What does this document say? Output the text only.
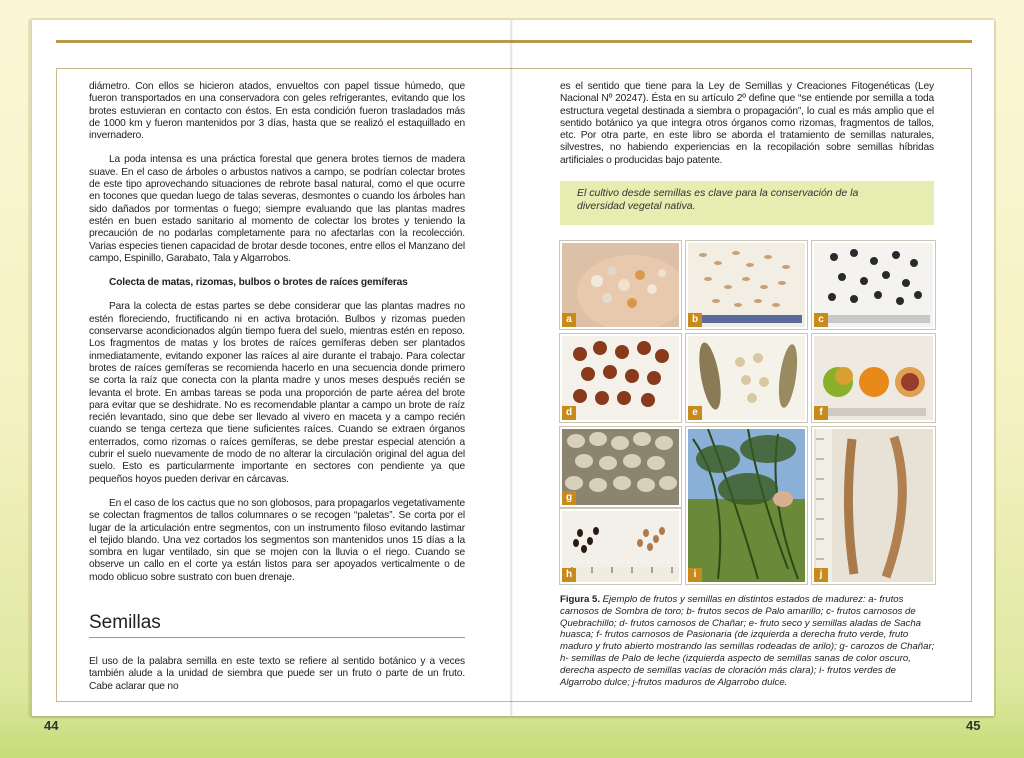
diámetro. Con ellos se hicieron atados, envueltos con papel tissue húmedo, que fueron transportados en una conservadora con geles refrigerantes, evitando que los brotes estuvieran en contacto con éstos. En esta condición fueron trasladados más de 1000 km y fueron mantenidos por 3 días, hasta que se realizó el estaquillado en invernadero.

La poda intensa es una práctica forestal que genera brotes tiernos de madera suave. En el caso de árboles o arbustos nativos a campo, se podrían colectar brotes de este tipo aprovechando situaciones de rebrote basal natural, como el que ocurre en tocones que quedan luego de talas severas, desmontes o cuando los árboles han sido dañados por tormentas o fuego; siempre evaluando que las plantas madres estén en buen estado sanitario al momento de colectar los brotes y teniendo la precaución de no podarlas completamente para no afectarlas con la recolección. Varias especies tienen capacidad de brotar desde tocones, entre ellos el Manzano del campo, Espinillo, Garabato, Tala y Algarrobos.

Colecta de matas, rizomas, bulbos o brotes de raíces gemíferas

Para la colecta de estas partes se debe considerar que las plantas madres no estén floreciendo, fructificando ni en activa brotación. Bulbos y rizomas pueden conservarse acondicionados algún tiempo fuera del suelo, mientras estén en reposo. Los fragmentos de matas y los brotes de raíces gemíferas deben ser plantados inmediatamente, evitando exponer las raíces al aire durante el trabajo. Para colectar brotes de raíces gemíferas se recomienda hacerlo en una secuencia donde primero se corta la raíz que conecta con la planta madre y unos meses después recién se levanta el brote. En ambas tareas se poda una proporción de parte aérea del brote para evitar que se deshidrate. No es recomendable plantar a campo un brote de raíz recién levantado, sino que debe ser llevado al vivero en maceta y a campo recién cuando se tenga certeza que tiene suficientes raíces. Cuando se extraen órganos enterrados, como rizomas o raíces gemíferas, se debe prestar especial atención a cubrir el suelo nuevamente de modo de no alterar la circulación original del agua del suelo. Esto es particularmente importante en sectores con pendiente ya que pequeños hoyos pueden derivar en cárcavas.

En el caso de los cactus que no son globosos, para propagarlos vegetativamente se colectan fragmentos de tallos columnares o se recogen “paletas”. Se corta por el lugar de la articulación entre segmentos, con un instrumento filoso evitando lastimar el tejido blando. Una vez cortados los segmentos son mantenidos unos 15 días a la sombra en lugar ventilado, sin que se mojen con la lluvia o el riego. Cuando se observe un callo en el corte ya están listos para ser apoyados verticalmente o de modo oblicuo sobre sustrato con buen drenaje.

Semillas
El uso de la palabra semilla en este texto se refiere al sentido botánico y a veces también alude a la unidad de siembra que puede ser un fruto o parte de un fruto. Cabe aclarar que no
44
es el sentido que tiene para la Ley de Semillas y Creaciones Fitogenéticas (Ley Nacional Nº 20247). Ésta en su artículo 2º define que “se entiende por semilla a toda estructura vegetal destinada a siembra o propagación”, lo cual es más amplio que el sentido botánico ya que integra otros órganos como rizomas, fragmentos de tallos, etc. Por otra parte, en este libro se aborda el tratamiento de semillas naturales, silvestres, no habiendo experiencias en la recopilación sobre semillas híbridas artificiales o producidas bajo patente.
El cultivo desde semillas es clave para la conservación de la diversidad vegetal nativa.
a	b	c
d	e	f
g
h	i	j
Figura 5. Ejemplo de frutos y semillas en distintos estados de madurez: a- frutos carnosos de Sombra de toro; b- frutos secos de Palo amarillo; c- frutos carnosos de Quebrachillo; d- frutos carnosos de Chañar; e- fruto seco y semillas aladas de Sacha huasca; f- frutos carnosos de Pasionaria (de izquierda a derecha fruto verde, fruto maduro y fruto abierto mostrando las semillas rodeadas de arilo); g- carozos de Chañar; h- semillas de Palo de leche (izquierda aspecto de semillas sanas de color oscuro, derecha aspecto de semillas vacías de cloración más clara); i- frutos verdes de Algarrobo dulce; j-frutos maduros de Algarrobo dulce.
45
